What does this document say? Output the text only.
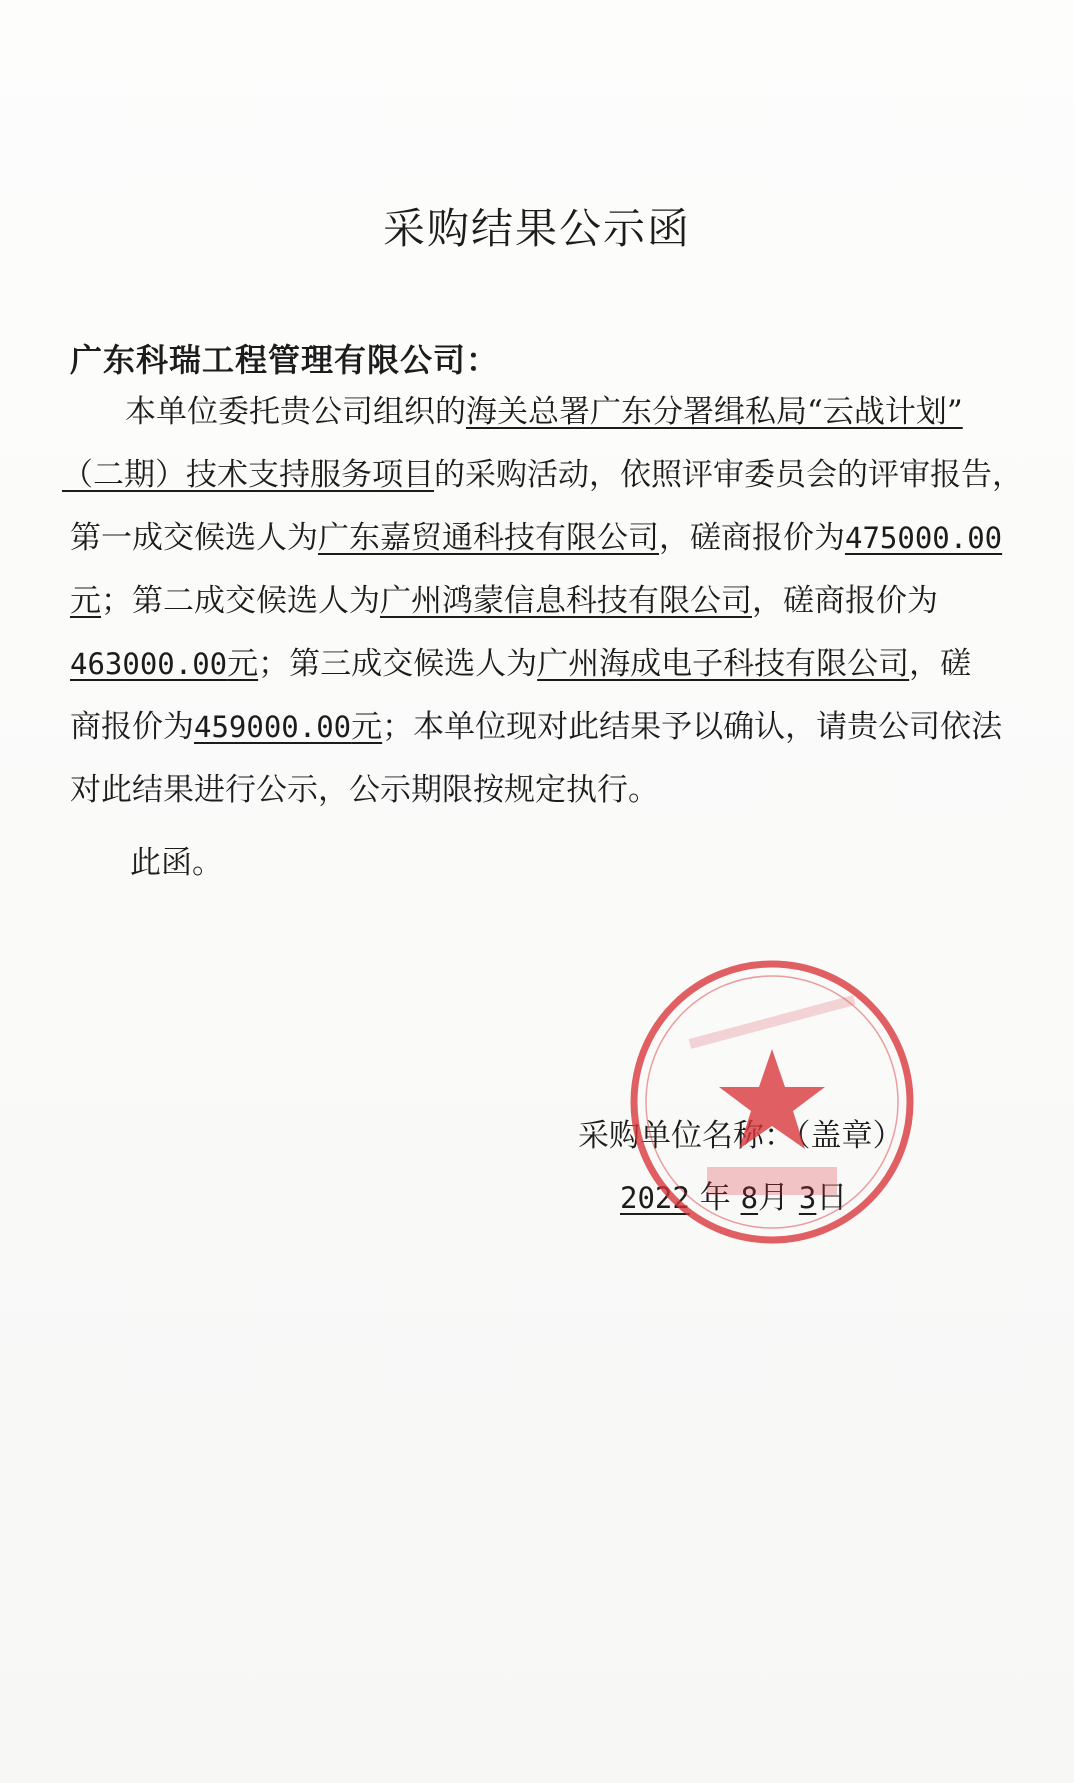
采购结果公示函
广东科瑞工程管理有限公司：
本单位委托贵公司组织的海关总署广东分署缉私局“云战计划”
（二期）技术支持服务项目的采购活动，依照评审委员会的评审报告，
第一成交候选人为广东嘉贸通科技有限公司，磋商报价为475000.00
元；第二成交候选人为广州鸿蒙信息科技有限公司，磋商报价为
463000.00元；第三成交候选人为广州海成电子科技有限公司，磋
商报价为459000.00元；本单位现对此结果予以确认，请贵公司依法
对此结果进行公示，公示期限按规定执行。
此函。
采购单位名称：（盖章）
2022 年 8月 3日
